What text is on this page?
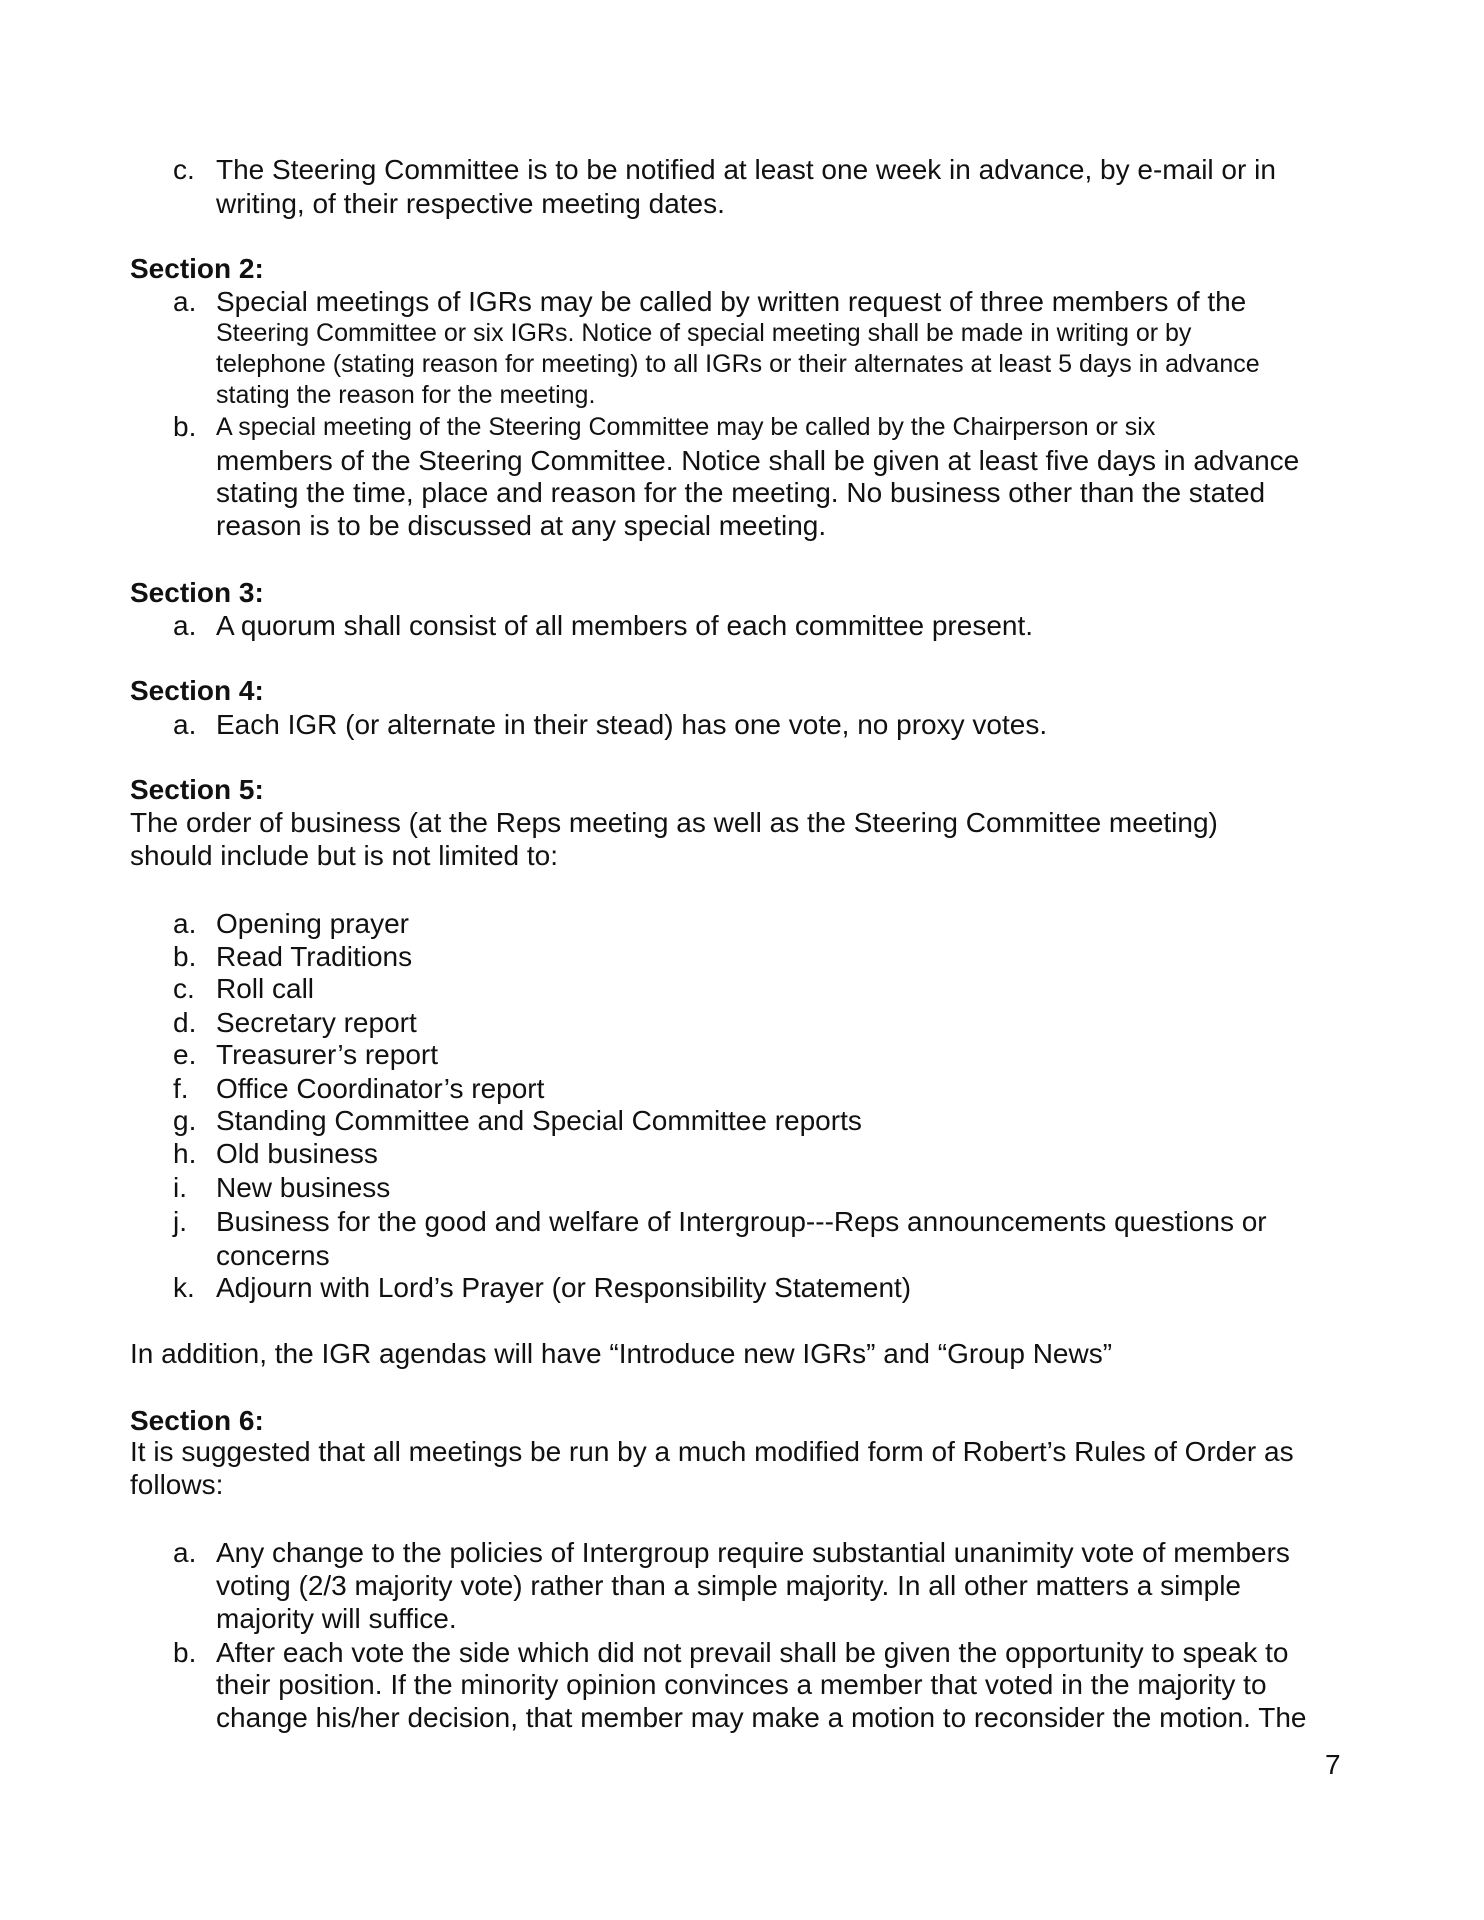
c. The Steering Committee is to be notified at least one week in advance, by e-mail or in
writing, of their respective meeting dates.
Section 2:
a. Special meetings of IGRs may be called by written request of three members of the
Steering Committee or six IGRs. Notice of special meeting shall be made in writing or by
telephone (stating reason for meeting) to all IGRs or their alternates at least 5 days in advance
stating the reason for the meeting.
b. A special meeting of the Steering Committee may be called by the Chairperson or six
members of the Steering Committee. Notice shall be given at least five days in advance
stating the time, place and reason for the meeting. No business other than the stated
reason is to be discussed at any special meeting.
Section 3:
a. A quorum shall consist of all members of each committee present.
Section 4:
a. Each IGR (or alternate in their stead) has one vote, no proxy votes.
Section 5:
The order of business (at the Reps meeting as well as the Steering Committee meeting)
should include but is not limited to:
a. Opening prayer
b. Read Traditions
c. Roll call
d. Secretary report
e. Treasurer’s report
f. Office Coordinator’s report
g. Standing Committee and Special Committee reports
h. Old business
i. New business
j. Business for the good and welfare of Intergroup---Reps announcements questions or
concerns
k. Adjourn with Lord’s Prayer (or Responsibility Statement)
In addition, the IGR agendas will have “Introduce new IGRs” and “Group News”
Section 6:
It is suggested that all meetings be run by a much modified form of Robert’s Rules of Order as
follows:
a. Any change to the policies of Intergroup require substantial unanimity vote of members
voting (2/3 majority vote) rather than a simple majority. In all other matters a simple
majority will suffice.
b. After each vote the side which did not prevail shall be given the opportunity to speak to
their position. If the minority opinion convinces a member that voted in the majority to
change his/her decision, that member may make a motion to reconsider the motion. The
7
